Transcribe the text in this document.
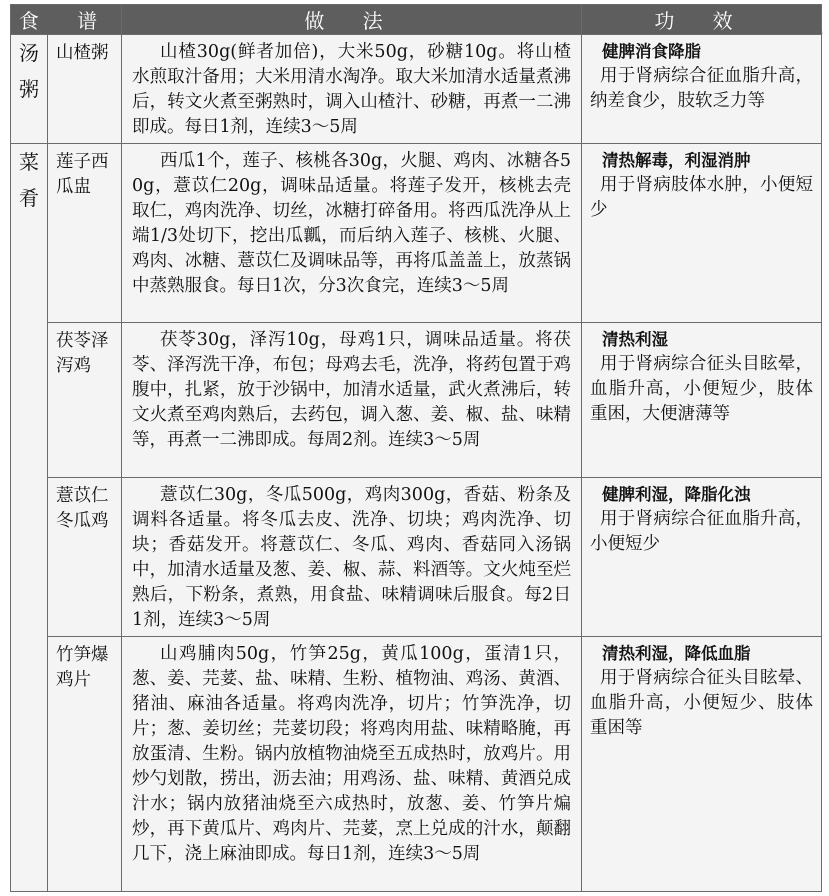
食 谱		做 法	功 效
汤粥	山楂粥	山楂30g(鲜者加倍)，大米50g，砂糖10g。将山楂水煎取汁备用；大米用清水淘净。取大米加清水适量煮沸后，转文火煮至粥熟时，调入山楂汁、砂糖，再煮一二沸即成。每日1剂，连续3～5周	健脾消食降脂
用于肾病综合征血脂升高，纳差食少，肢软乏力等

菜肴	莲子西瓜盅	西瓜1个，莲子、核桃各30g，火腿、鸡肉、冰糖各50g，薏苡仁20g，调味品适量。将莲子发开，核桃去壳取仁，鸡肉洗净、切丝，冰糖打碎备用。将西瓜洗净从上端1/3处切下，挖出瓜瓤，而后纳入莲子、核桃、火腿、鸡肉、冰糖、薏苡仁及调味品等，再将瓜盖盖上，放蒸锅中蒸熟服食。每日1次，分3次食完，连续3～5周	清热解毒，利湿消肿
用于肾病肢体水肿，小便短少

	茯苓泽泻鸡	茯苓30g，泽泻10g，母鸡1只，调味品适量。将茯苓、泽泻洗干净，布包；母鸡去毛，洗净，将药包置于鸡腹中，扎紧，放于沙锅中，加清水适量，武火煮沸后，转文火煮至鸡肉熟后，去药包，调入葱、姜、椒、盐、味精等，再煮一二沸即成。每周2剂。连续3～5周	清热利湿
用于肾病综合征头目眩晕，血脂升高，小便短少，肢体重困，大便溏薄等

	薏苡仁冬瓜鸡	薏苡仁30g，冬瓜500g，鸡肉300g，香菇、粉条及调料各适量。将冬瓜去皮、洗净、切块；鸡肉洗净、切块；香菇发开。将薏苡仁、冬瓜、鸡肉、香菇同入汤锅中，加清水适量及葱、姜、椒、蒜、料酒等。文火炖至烂熟后，下粉条，煮熟，用食盐、味精调味后服食。每2日1剂，连续3～5周	健脾利湿，降脂化浊
用于肾病综合征血脂升高，小便短少

	竹笋爆鸡片	山鸡脯肉50g，竹笋25g，黄瓜100g，蛋清1只，葱、姜、芫荽、盐、味精、生粉、植物油、鸡汤、黄酒、猪油、麻油各适量。将鸡肉洗净，切片；竹笋洗净，切片；葱、姜切丝；芫荽切段；将鸡肉用盐、味精略腌，再放蛋清、生粉。锅内放植物油烧至五成热时，放鸡片。用炒勺划散，捞出，沥去油；用鸡汤、盐、味精、黄酒兑成汁水；锅内放猪油烧至六成热时，放葱、姜、竹笋片煸炒，再下黄瓜片、鸡肉片、芫荽，烹上兑成的汁水，颠翻几下，浇上麻油即成。每日1剂，连续3～5周	清热利湿，降低血脂
用于肾病综合征头目眩晕、血脂升高，小便短少、肢体重困等
